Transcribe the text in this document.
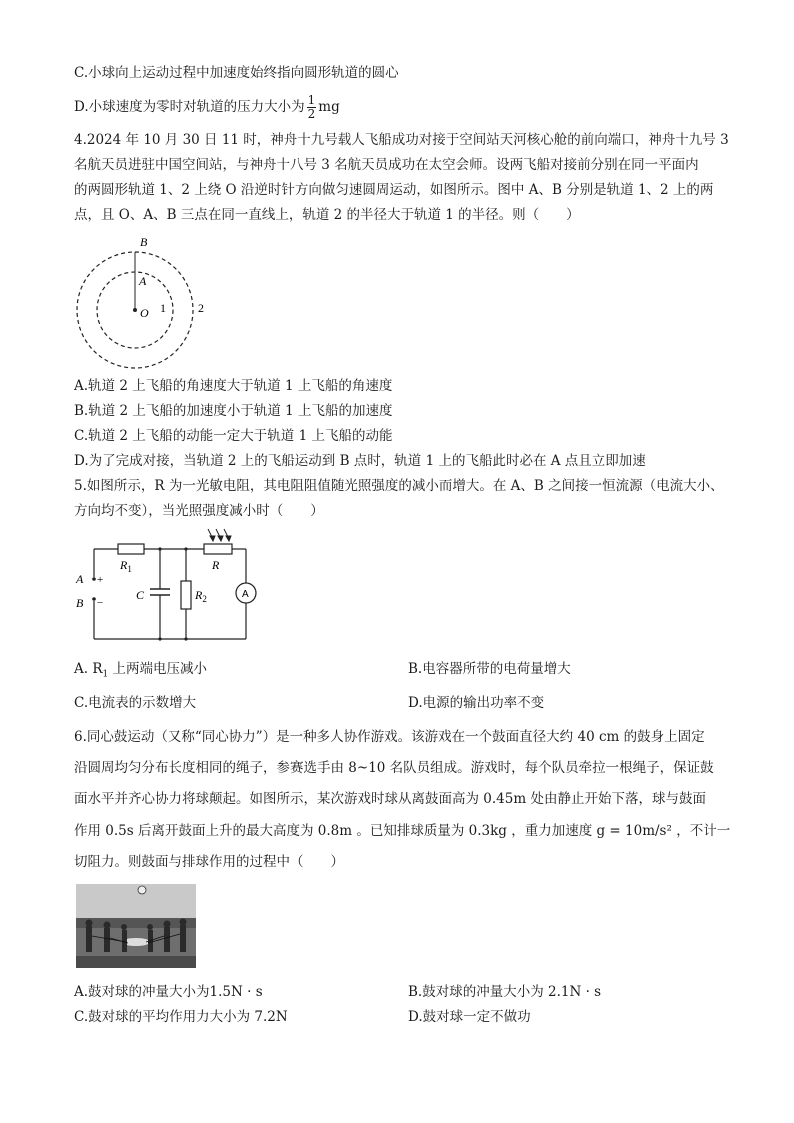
C.小球向上运动过程中加速度始终指向圆形轨道的圆心
D.小球速度为零时对轨道的压力大小为 $\frac{1}{2}$ mg
4.2024 年 10 月 30 日 11 时，神舟十九号载人飞船成功对接于空间站天河核心舱的前向端口，神舟十九号 3
名航天员进驻中国空间站，与神舟十八号 3 名航天员成功在太空会师。设两飞船对接前分别在同一平面内
的两圆形轨道 1、2 上绕 O 沿逆时针方向做匀速圆周运动，如图所示。图中 A、B 分别是轨道 1、2 上的两
点，且 O、A、B 三点在同一直线上，轨道 2 的半径大于轨道 1 的半径。则（　　）
B
A
O 1	2
A.轨道 2 上飞船的角速度大于轨道 1 上飞船的角速度
B.轨道 2 上飞船的加速度小于轨道 1 上飞船的加速度
C.轨道 2 上飞船的动能一定大于轨道 1 上飞船的动能
D.为了完成对接，当轨道 2 上的飞船运动到 B 点时，轨道 1 上的飞船此时必在 A 点且立即加速
5.如图所示，R 为一光敏电阻，其电阻阻值随光照强度的减小而增大。在 A、B 之间接一恒流源（电流大小、
方向均不变），当光照强度减小时（　　）
$R_1$	R
$R_2$
C
A
B
+
−
A
A. $R_1$ 上两端电压减小	B.电容器所带的电荷量增大
C.电流表的示数增大	D.电源的输出功率不变
6.同心鼓运动（又称“同心协力”）是一种多人协作游戏。该游戏在一个鼓面直径大约 40 cm 的鼓身上固定
沿圆周均匀分布长度相同的绳子，参赛选手由 8~10 名队员组成。游戏时，每个队员牵拉一根绳子，保证鼓
面水平并齐心协力将球颠起。如图所示，某次游戏时球从离鼓面高为 0.45m 处由静止开始下落，球与鼓面
作用 0.5s 后离开鼓面上升的最大高度为 0.8m 。已知排球质量为 0.3kg ，重力加速度 g = 10m/s² ，不计一
切阻力。则鼓面与排球作用的过程中（　　）
A.鼓对球的冲量大小为1.5N · s	B.鼓对球的冲量大小为 2.1N · s
C.鼓对球的平均作用力大小为 7.2N	D.鼓对球一定不做功
